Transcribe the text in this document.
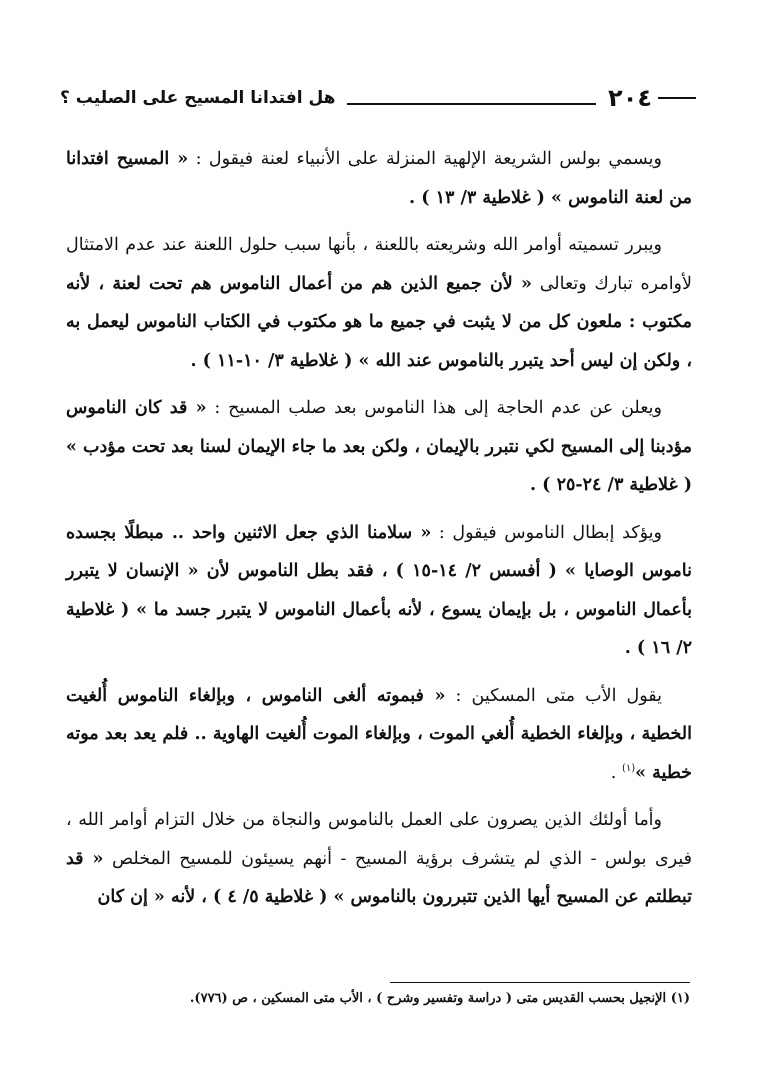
٢٠٤
هل افتدانا المسيح على الصليب ؟

ويسمي بولس الشريعة الإلهية المنزلة على الأنبياء لعنة فيقول : « المسيح افتدانا من لعنة الناموس » ( غلاطية ٣/ ١٣ ) .

ويبرر تسميته أوامر الله وشريعته باللعنة ، بأنها سبب حلول اللعنة عند عدم الامتثال لأوامره تبارك وتعالى « لأن جميع الذين هم من أعمال الناموس هم تحت لعنة ، لأنه مكتوب : ملعون كل من لا يثبت في جميع ما هو مكتوب في الكتاب الناموس ليعمل به ، ولكن إن ليس أحد يتبرر بالناموس عند الله » ( غلاطية ٣/ ١٠-١١ ) .

ويعلن عن عدم الحاجة إلى هذا الناموس بعد صلب المسيح : « قد كان الناموس مؤدبنا إلى المسيح لكي نتبرر بالإيمان ، ولكن بعد ما جاء الإيمان لسنا بعد تحت مؤدب » ( غلاطية ٣/ ٢٤-٢٥ ) .

ويؤكد إبطال الناموس فيقول : « سلامنا الذي جعل الاثنين واحد .. مبطلًا بجسده ناموس الوصايا » ( أفسس ٢/ ١٤-١٥ ) ، فقد بطل الناموس لأن « الإنسان لا يتبرر بأعمال الناموس ، بل بإيمان يسوع ، لأنه بأعمال الناموس لا يتبرر جسد ما » ( غلاطية ٢/ ١٦ ) .

يقول الأب متى المسكين : « فبموته ألغى الناموس ، وبإلغاء الناموس أُلغيت الخطية ، وبإلغاء الخطية أُلغي الموت ، وبإلغاء الموت أُلغيت الهاوية .. فلم يعد بعد موته خطية »$^{(١)}$ .

وأما أولئك الذين يصرون على العمل بالناموس والنجاة من خلال التزام أوامر الله ، فيرى بولس - الذي لم يتشرف برؤية المسيح - أنهم يسيئون للمسيح المخلص « قد تبطلتم عن المسيح أيها الذين تتبررون بالناموس » ( غلاطية ٥/ ٤ ) ، لأنه « إن كان

(١) الإنجيل بحسب القديس متى ( دراسة وتفسير وشرح ) ، الأب متى المسكين ، ص (٧٧٦).
